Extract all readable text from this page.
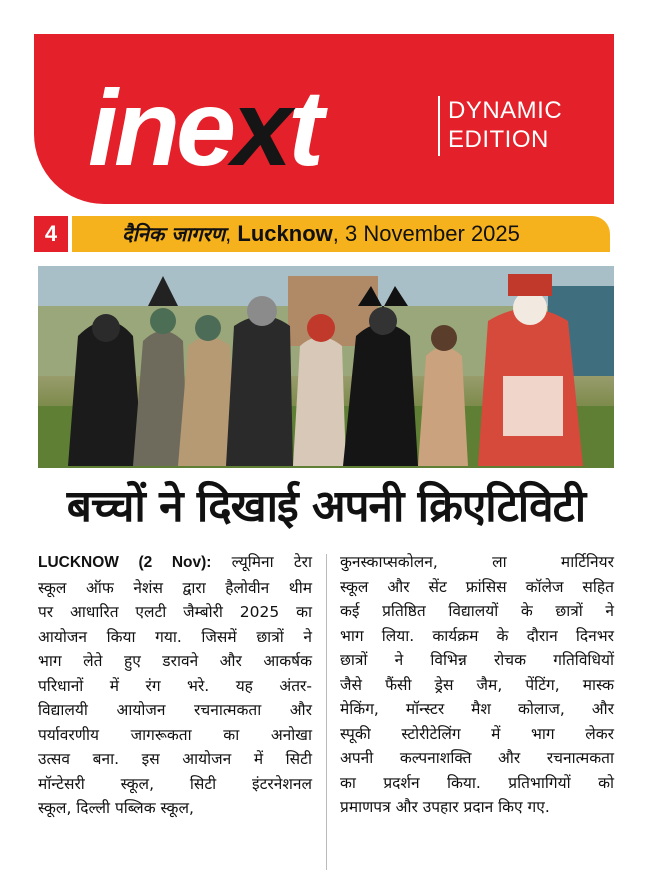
inext	DYNAMIC
EDITION
4	दैनिक जागरण, Lucknow, 3 November 2025
बच्चों ने दिखाई अपनी क्रिएटिविटी
LUCKNOW (2 Nov): ल्यूमिना टेरा
स्कूल ऑफ नेशंस द्वारा हैलोवीन थीम
पर आधारित एलटी जैम्बोरी 2025 का
आयोजन किया गया. जिसमें छात्रों ने
भाग लेते हुए डरावने और आकर्षक
परिधानों में रंग भरे. यह अंतर-
विद्यालयी आयोजन रचनात्मकता और
पर्यावरणीय जागरूकता का अनोखा
उत्सव बना. इस आयोजन में सिटी
मॉन्टेसरी स्कूल, सिटी इंटरनेशनल
स्कूल, दिल्ली पब्लिक स्कूल,
कुनस्काप्सकोलन, ला मार्टिनियर
स्कूल और सेंट फ्रांसिस कॉलेज सहित
कई प्रतिष्ठित विद्यालयों के छात्रों ने
भाग लिया. कार्यक्रम के दौरान दिनभर
छात्रों ने विभिन्न रोचक गतिविधियों
जैसे फैंसी ड्रेस जैम, पेंटिंग, मास्क
मेकिंग, मॉन्स्टर मैश कोलाज, और
स्पूकी स्टोरीटेलिंग में भाग लेकर
अपनी कल्पनाशक्ति और रचनात्मकता
का प्रदर्शन किया. प्रतिभागियों को
प्रमाणपत्र और उपहार प्रदान किए गए.
